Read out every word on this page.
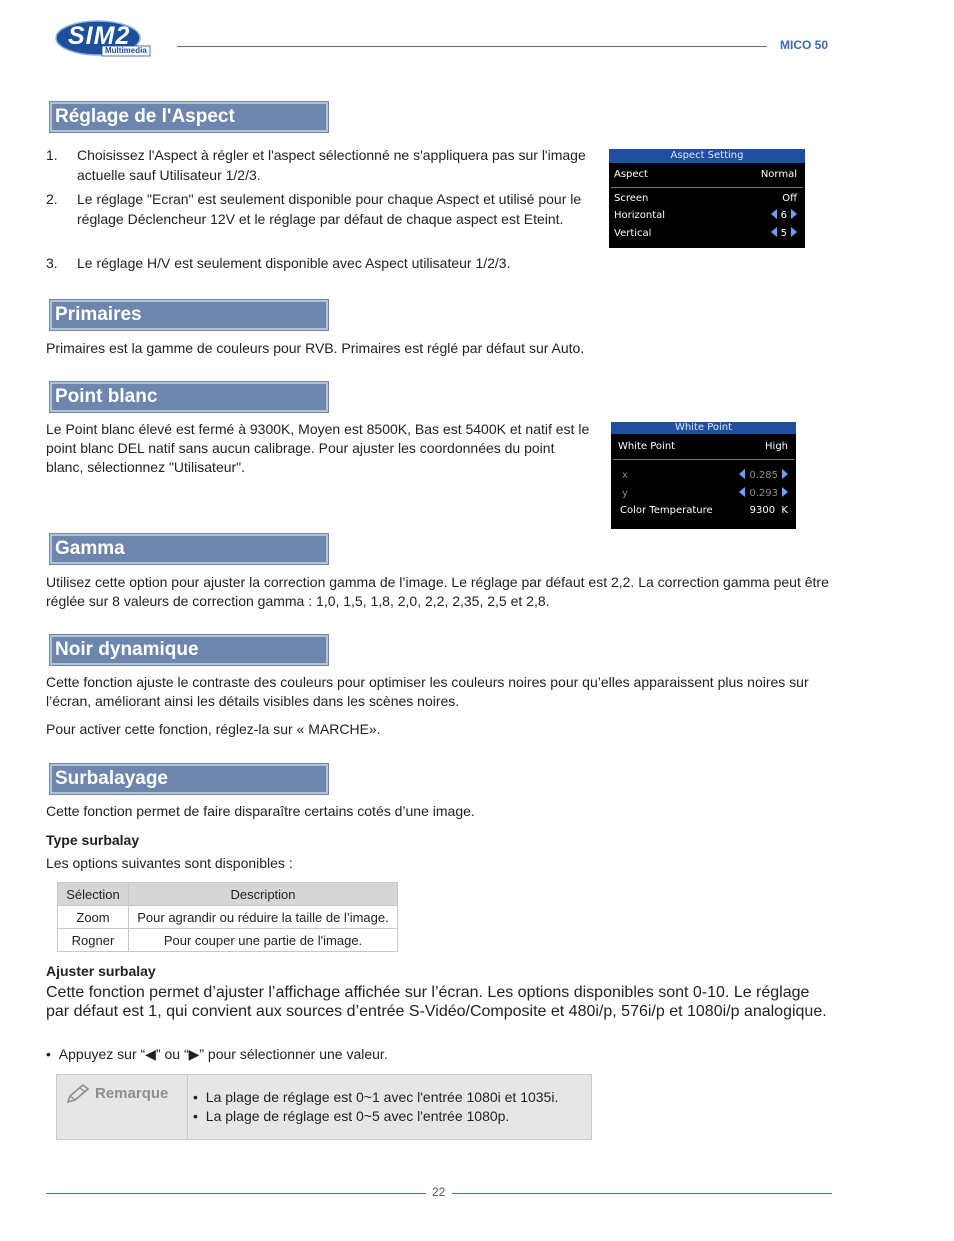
SIM2
Multimedia	MICO 50
Réglage de l'Aspect
1. Choisissez l'Aspect à régler et l'aspect sélectionné ne s'appliquera pas sur l'image actuelle sauf Utilisateur 1/2/3.
2. Le réglage "Ecran" est seulement disponible pour chaque Aspect et utilisé pour le réglage Déclencheur 12V et le réglage par défaut de chaque aspect est Eteint.
3. Le réglage H/V est seulement disponible avec Aspect utilisateur 1/2/3.
Aspect Setting
Aspect	Normal
Screen	Off
Horizontal	6
Vertical	5
Primaires

Primaires est la gamme de couleurs pour RVB. Primaires est réglé par défaut sur Auto.

Point blanc

Le Point blanc élevé est fermé à 9300K, Moyen est 8500K, Bas est 5400K et natif est le point blanc DEL natif sans aucun calibrage. Pour ajuster les coordonnées du point blanc, sélectionnez "Utilisateur".

White Point
White Point	High
x	0.285
y	0.293
Color Temperature	9300  K
Gamma

Utilisez cette option pour ajuster la correction gamma de l’image. Le réglage par défaut est 2,2. La correction gamma peut être réglée sur 8 valeurs de correction gamma : 1,0, 1,5, 1,8, 2,0, 2,2, 2,35, 2,5 et 2,8.

Noir dynamique

Cette fonction ajuste le contraste des couleurs pour optimiser les couleurs noires pour qu’elles apparaissent plus noires sur l’écran, améliorant ainsi les détails visibles dans les scènes noires.

Pour activer cette fonction, réglez-la sur « MARCHE».

Surbalayage

Cette fonction permet de faire disparaître certains cotés d’une image.

Type surbalay

Les options suivantes sont disponibles :

Sélection	Description
Zoom	Pour agrandir ou réduire la taille de l’image.
Rogner	Pour couper une partie de l'image.

Ajuster surbalay

Cette fonction permet d’ajuster l’affichage affichée sur l’écran. Les options disponibles sont 0-10. Le réglage par défaut est 1, qui convient aux sources d’entrée S-Vidéo/Composite et 480i/p, 576i/p et 1080i/p analogique.

• Appuyez sur “◀” ou “▶” pour sélectionner une valeur.
Remarque • La plage de réglage est 0~1 avec l'entrée 1080i et 1035i.
• La plage de réglage est 0~5 avec l'entrée 1080p.
22
